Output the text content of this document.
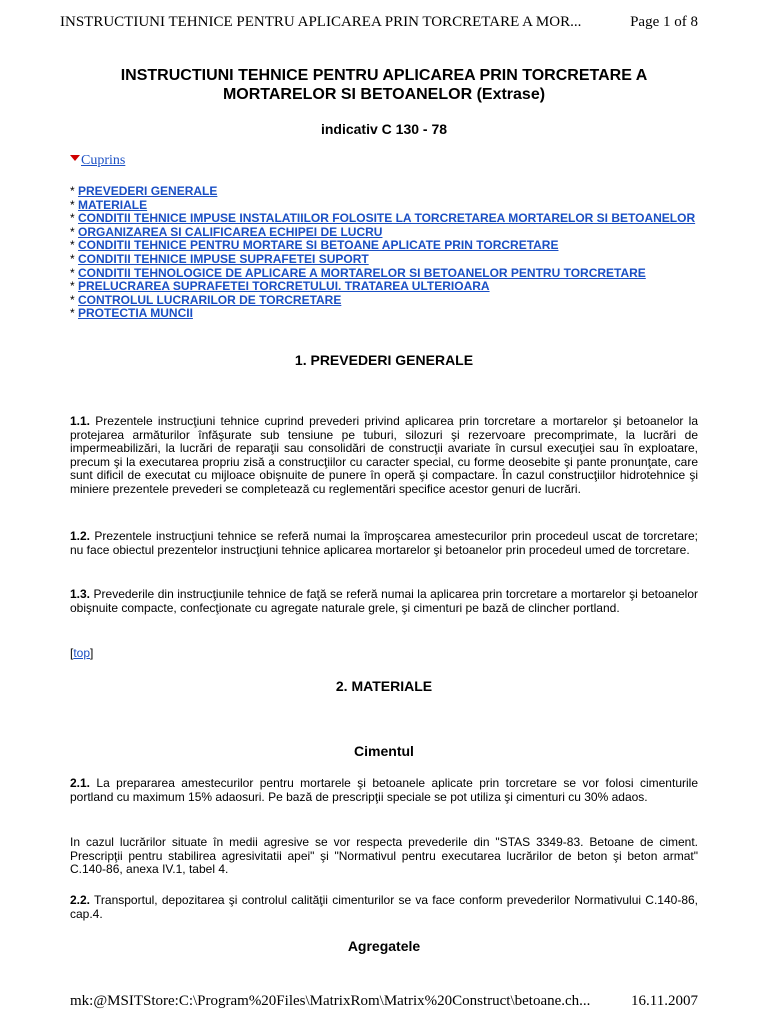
INSTRUCTIUNI TEHNICE PENTRU APLICAREA PRIN TORCRETARE A MOR...	Page 1 of 8
INSTRUCTIUNI TEHNICE PENTRU APLICAREA PRIN TORCRETARE A
MORTARELOR SI BETOANELOR (Extrase)
indicativ C 130 - 78
Cuprins
* PREVEDERI GENERALE
* MATERIALE
* CONDITII TEHNICE IMPUSE INSTALATIILOR FOLOSITE LA TORCRETAREA MORTARELOR SI BETOANELOR
* ORGANIZAREA SI CALIFICAREA ECHIPEI DE LUCRU
* CONDITII TEHNICE PENTRU MORTARE SI BETOANE APLICATE PRIN TORCRETARE
* CONDITII TEHNICE IMPUSE SUPRAFETEI SUPORT
* CONDITII TEHNOLOGICE DE APLICARE A MORTARELOR SI BETOANELOR PENTRU TORCRETARE
* PRELUCRAREA SUPRAFETEI TORCRETULUI. TRATAREA ULTERIOARA
* CONTROLUL LUCRARILOR DE TORCRETARE
* PROTECTIA MUNCII
1. PREVEDERI GENERALE
1.1. Prezentele instrucţiuni tehnice cuprind prevederi privind aplicarea prin torcretare a mortarelor şi betoanelor la protejarea armăturilor înfăşurate sub tensiune pe tuburi, silozuri şi rezervoare precomprimate, la lucrări de impermeabilizări, la lucrări de reparaţii sau consolidări de construcţii avariate în cursul execuţiei sau în exploatare, precum şi la executarea propriu zisă a construcţiilor cu caracter special, cu forme deosebite şi pante pronunţate, care sunt dificil de executat cu mijloace obişnuite de punere în operă şi compactare. În cazul construcţiilor hidrotehnice şi miniere prezentele prevederi se completează cu reglementări specifice acestor genuri de lucrări.
1.2. Prezentele instrucţiuni tehnice se referă numai la împroşcarea amestecurilor prin procedeul uscat de torcretare; nu face obiectul prezentelor instrucţiuni tehnice aplicarea mortarelor şi betoanelor prin procedeul umed de torcretare.
1.3. Prevederile din instrucţiunile tehnice de faţă se referă numai la aplicarea prin torcretare a mortarelor şi betoanelor obişnuite compacte, confecţionate cu agregate naturale grele, şi cimenturi pe bază de clincher portland.
[top]
2. MATERIALE
Cimentul
2.1. La prepararea amestecurilor pentru mortarele şi betoanele aplicate prin torcretare se vor folosi cimenturile portland cu maximum 15% adaosuri. Pe bază de prescripţii speciale se pot utiliza şi cimenturi cu 30% adaos.
In cazul lucrărilor situate în medii agresive se vor respecta prevederile din "STAS 3349-83. Betoane de ciment. Prescripţii pentru stabilirea agresivitatii apei" şi "Normativul pentru executarea lucrărilor de beton şi beton armat" C.140-86, anexa IV.1, tabel 4.
2.2. Transportul, depozitarea şi controlul calităţii cimenturilor se va face conform prevederilor Normativului C.140-86, cap.4.
Agregatele
mk:@MSITStore:C:\Program%20Files\MatrixRom\Matrix%20Construct\betoane.ch...	16.11.2007
